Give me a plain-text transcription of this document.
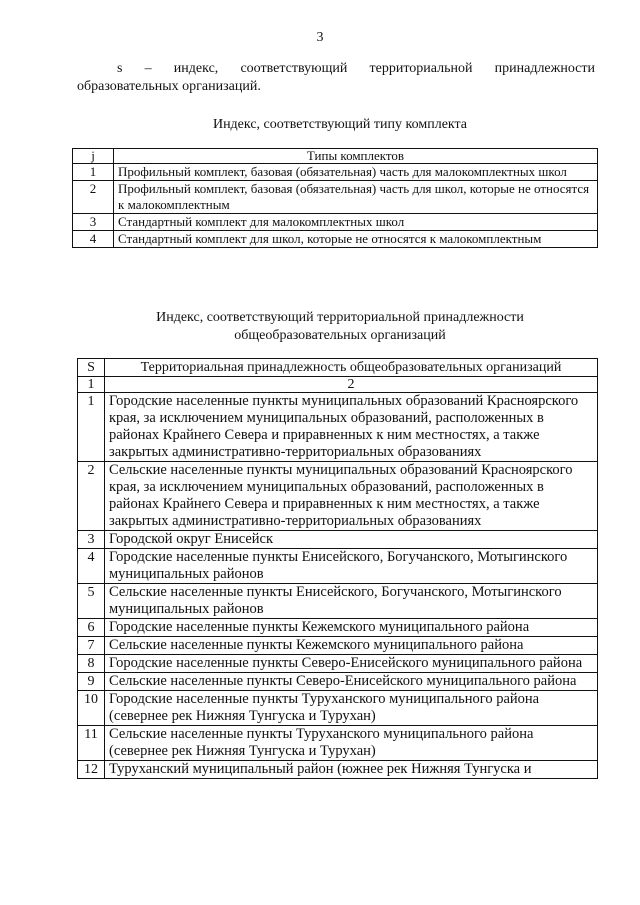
3
s – индекс, соответствующий территориальной принадлежности
образовательных организаций.
Индекс, соответствующий типу комплекта
j	Типы комплектов
1	Профильный комплект, базовая (обязательная) часть для малокомплектных школ
2	Профильный комплект, базовая (обязательная) часть для школ, которые не относятся к малокомплектным
3	Стандартный комплект для малокомплектных школ
4	Стандартный комплект для школ, которые не относятся к малокомплектным
Индекс, соответствующий территориальной принадлежности
общеобразовательных организаций
S	Территориальная принадлежность общеобразовательных организаций
1	2
1	Городские населенные пункты муниципальных образований Красноярского края, за исключением муниципальных образований, расположенных в районах Крайнего Севера и приравненных к ним местностях, а также закрытых административно-территориальных образованиях
2	Сельские населенные пункты муниципальных образований Красноярского края, за исключением муниципальных образований, расположенных в районах Крайнего Севера и приравненных к ним местностях, а также закрытых административно-территориальных образованиях
3	Городской округ Енисейск
4	Городские населенные пункты Енисейского, Богучанского, Мотыгинского муниципальных районов
5	Сельские населенные пункты Енисейского, Богучанского, Мотыгинского муниципальных районов
6	Городские населенные пункты Кежемского муниципального района
7	Сельские населенные пункты Кежемского муниципального района
8	Городские населенные пункты Северо-Енисейского муниципального района
9	Сельские населенные пункты Северо-Енисейского муниципального района
10	Городские населенные пункты Туруханского муниципального района (севернее рек Нижняя Тунгуска и Турухан)
11	Сельские населенные пункты Туруханского муниципального района (севернее рек Нижняя Тунгуска и Турухан)
12	Туруханский муниципальный район (южнее рек Нижняя Тунгуска и
